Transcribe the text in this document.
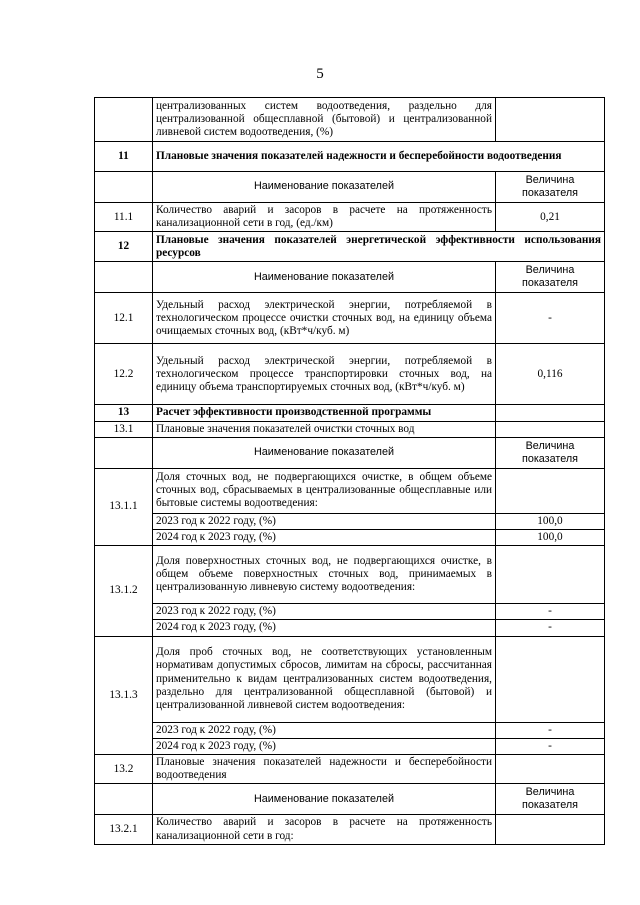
5
	централизованных систем водоотведения, раздельно для централизованной общесплавной (бытовой) и централизованной ливневой систем водоотведения, (%)	
11	Плановые значения показателей надежности и бесперебойности водоотведения	
	Наименование показателей	Величина показателя
11.1	Количество аварий и засоров в расчете на протяженность канализационной сети в год, (ед./км)	0,21
12	Плановые значения показателей энергетической эффективности использования ресурсов	
	Наименование показателей	Величина показателя
12.1	Удельный расход электрической энергии, потребляемой в технологическом процессе очистки сточных вод, на единицу объема очищаемых сточных вод, (кВт*ч/куб. м)	-
12.2	Удельный расход электрической энергии, потребляемой в технологическом процессе транспортировки сточных вод, на единицу объема транспортируемых сточных вод, (кВт*ч/куб. м)	0,116
13	Расчет эффективности производственной программы	
13.1	Плановые значения показателей очистки сточных вод	
	Наименование показателей	Величина показателя
13.1.1	Доля сточных вод, не подвергающихся очистке, в общем объеме сточных вод, сбрасываемых в централизованные общесплавные или бытовые системы водоотведения:	
	2023 год к 2022 году, (%)	100,0
	2024 год к 2023 году, (%)	100,0
13.1.2	Доля поверхностных сточных вод, не подвергающихся очистке, в общем объеме поверхностных сточных вод, принимаемых в централизованную ливневую систему водоотведения:	
	2023 год к 2022 году, (%)	-
	2024 год к 2023 году, (%)	-
13.1.3	Доля проб сточных вод, не соответствующих установленным нормативам допустимых сбросов, лимитам на сбросы, рассчитанная применительно к видам централизованных систем водоотведения, раздельно для централизованной общесплавной (бытовой) и централизованной ливневой систем водоотведения:	
	2023 год к 2022 году, (%)	-
	2024 год к 2023 году, (%)	-
13.2	Плановые значения показателей надежности и бесперебойности водоотведения	
	Наименование показателей	Величина показателя
13.2.1	Количество аварий и засоров в расчете на протяженность канализационной сети в год:	
